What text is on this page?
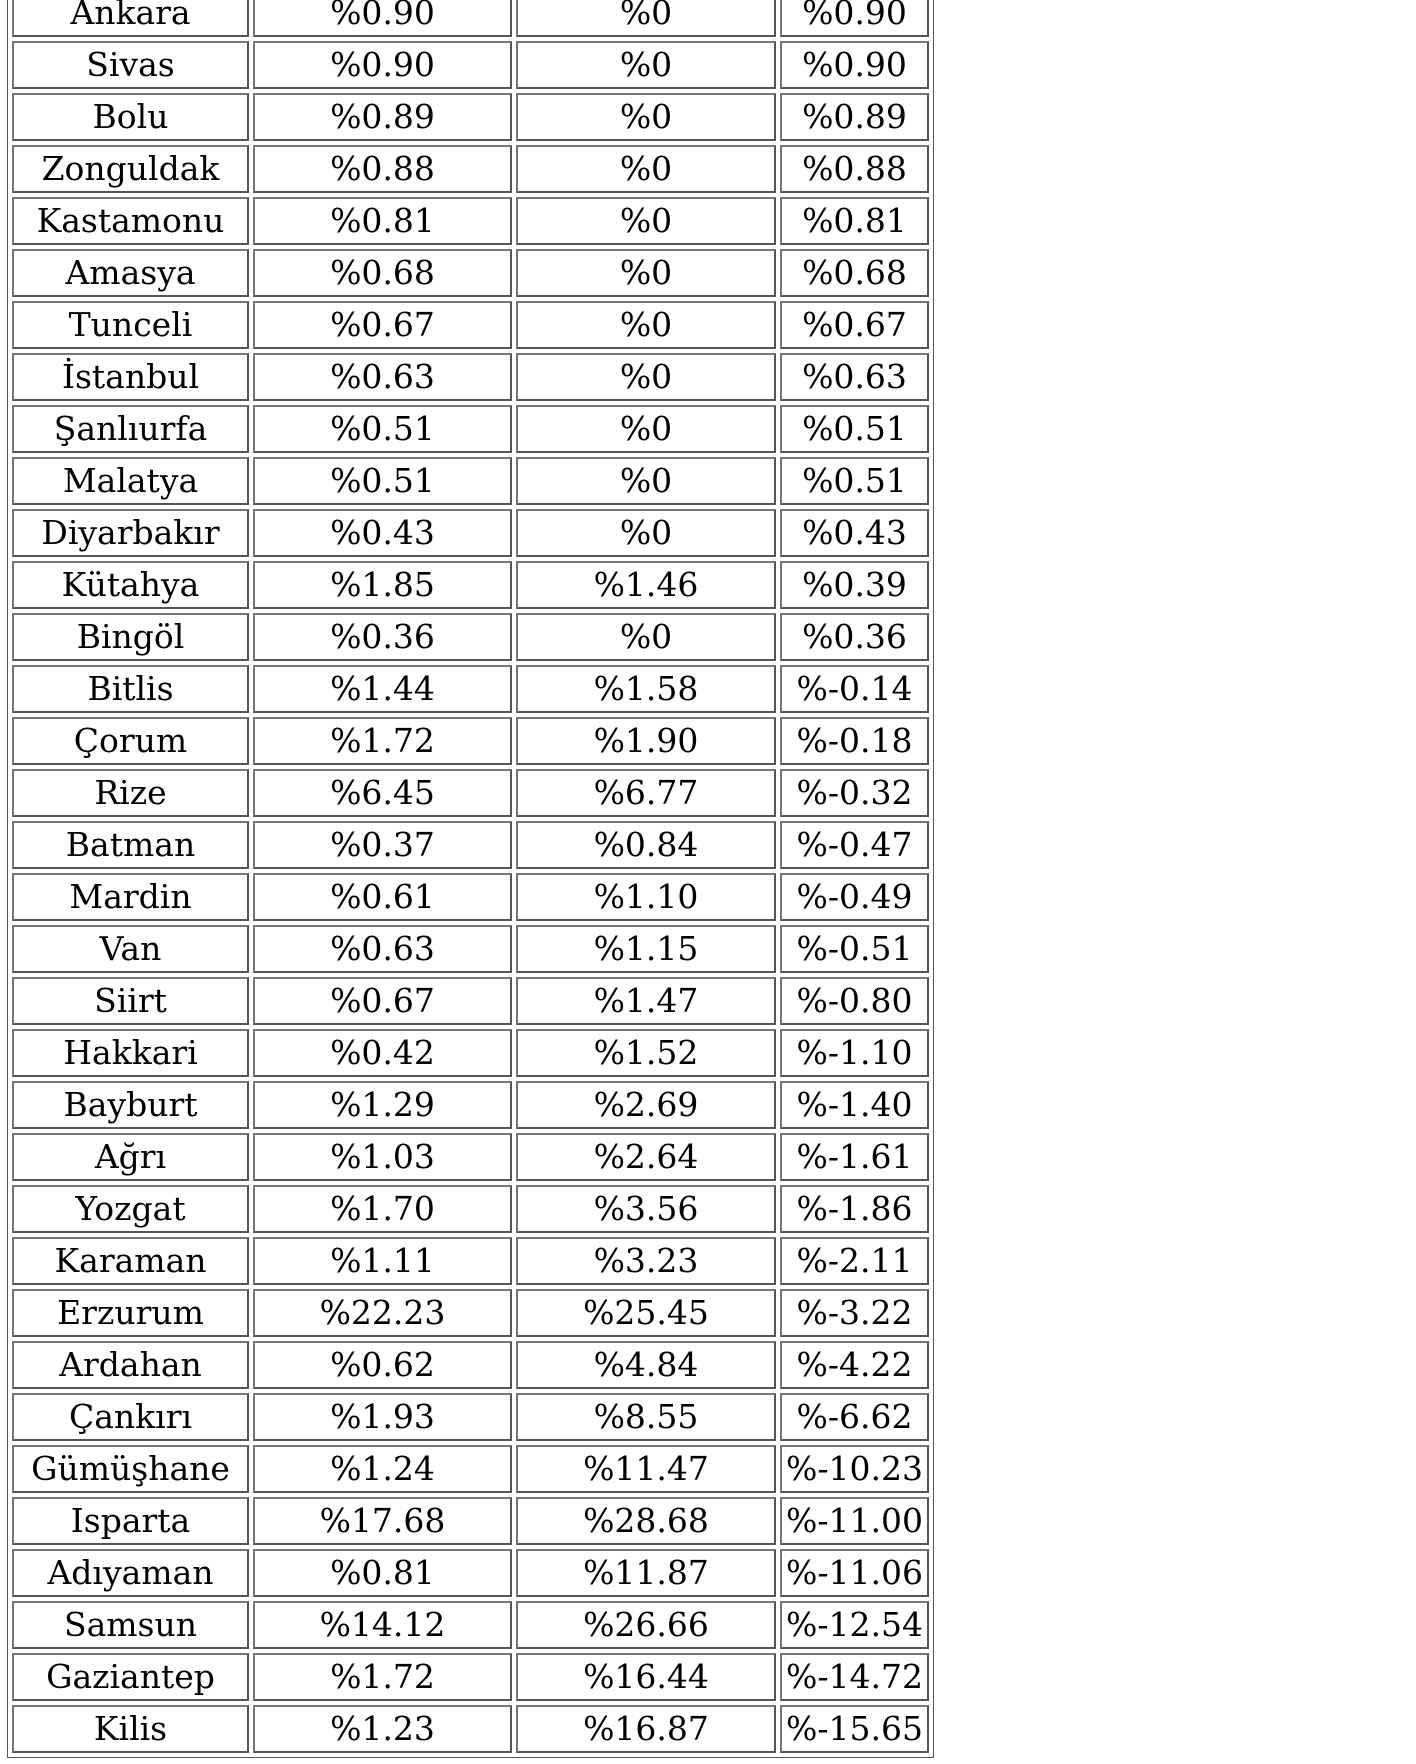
Ankara	%0.90	%0	%0.90
Sivas	%0.90	%0	%0.90
Bolu	%0.89	%0	%0.89
Zonguldak	%0.88	%0	%0.88
Kastamonu	%0.81	%0	%0.81
Amasya	%0.68	%0	%0.68
Tunceli	%0.67	%0	%0.67
İstanbul	%0.63	%0	%0.63
Şanlıurfa	%0.51	%0	%0.51
Malatya	%0.51	%0	%0.51
Diyarbakır	%0.43	%0	%0.43
Kütahya	%1.85	%1.46	%0.39
Bingöl	%0.36	%0	%0.36
Bitlis	%1.44	%1.58	%-0.14
Çorum	%1.72	%1.90	%-0.18
Rize	%6.45	%6.77	%-0.32
Batman	%0.37	%0.84	%-0.47
Mardin	%0.61	%1.10	%-0.49
Van	%0.63	%1.15	%-0.51
Siirt	%0.67	%1.47	%-0.80
Hakkari	%0.42	%1.52	%-1.10
Bayburt	%1.29	%2.69	%-1.40
Ağrı	%1.03	%2.64	%-1.61
Yozgat	%1.70	%3.56	%-1.86
Karaman	%1.11	%3.23	%-2.11
Erzurum	%22.23	%25.45	%-3.22
Ardahan	%0.62	%4.84	%-4.22
Çankırı	%1.93	%8.55	%-6.62
Gümüşhane	%1.24	%11.47	%-10.23
Isparta	%17.68	%28.68	%-11.00
Adıyaman	%0.81	%11.87	%-11.06
Samsun	%14.12	%26.66	%-12.54
Gaziantep	%1.72	%16.44	%-14.72
Kilis	%1.23	%16.87	%-15.65
